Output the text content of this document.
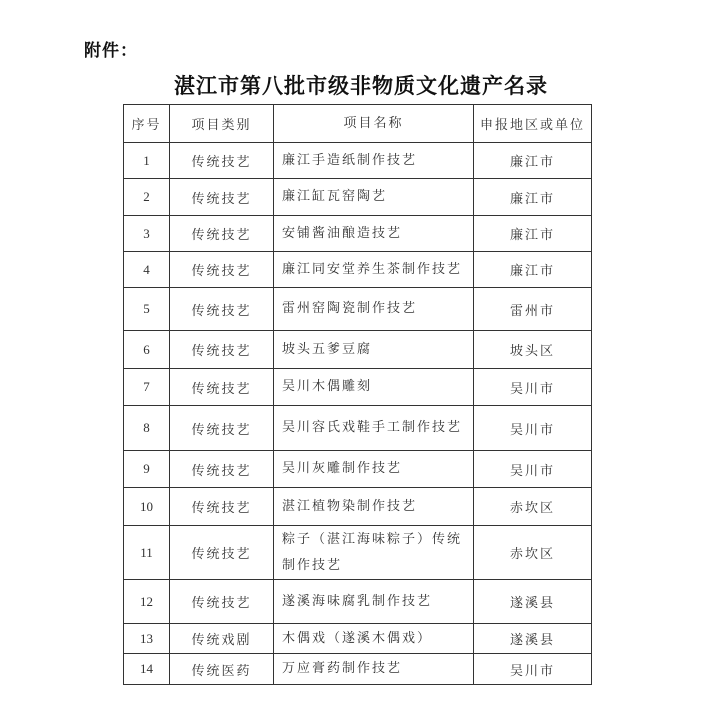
附件：
湛江市第八批市级非物质文化遗产名录
序号	项目类别	项目名称	申报地区或单位
1	传统技艺	廉江手造纸制作技艺	廉江市
2	传统技艺	廉江缸瓦窑陶艺	廉江市
3	传统技艺	安铺酱油酿造技艺	廉江市
4	传统技艺	廉江同安堂养生茶制作技艺	廉江市
5	传统技艺	雷州窑陶瓷制作技艺	雷州市
6	传统技艺	坡头五爹豆腐	坡头区
7	传统技艺	吴川木偶雕刻	吴川市
8	传统技艺	吴川容氏戏鞋手工制作技艺	吴川市
9	传统技艺	吴川灰雕制作技艺	吴川市
10	传统技艺	湛江植物染制作技艺	赤坎区
11	传统技艺	粽子（湛江海味粽子）传统制作技艺	赤坎区
12	传统技艺	遂溪海味腐乳制作技艺	遂溪县
13	传统戏剧	木偶戏（遂溪木偶戏）	遂溪县
14	传统医药	万应膏药制作技艺	吴川市
